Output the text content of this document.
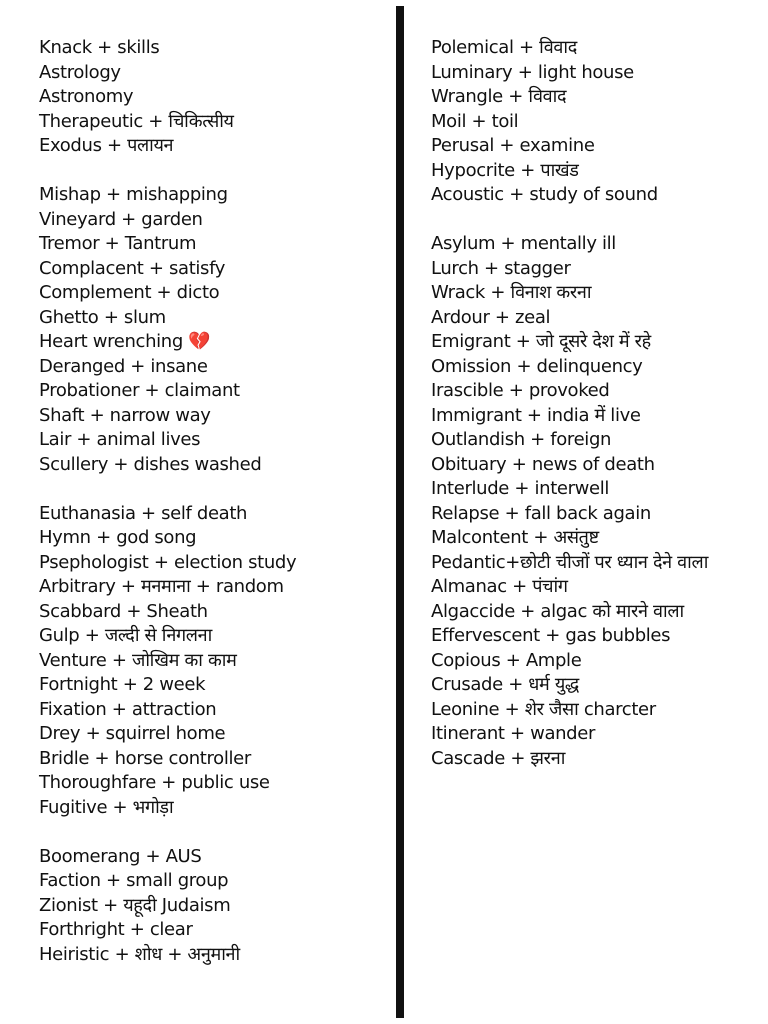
Knack + skills
Astrology
Astronomy
Therapeutic + चिकित्सीय
Exodus + पलायन
Mishap + mishapping
Vineyard + garden
Tremor + Tantrum
Complacent + satisfy
Complement + dicto
Ghetto + slum
Heart wrenching 💔
Deranged + insane
Probationer + claimant
Shaft + narrow way
Lair + animal lives
Scullery + dishes washed
Euthanasia + self death
Hymn + god song
Psephologist + election study
Arbitrary + मनमाना + random
Scabbard + Sheath
Gulp + जल्दी से निगलना
Venture + जोखिम का काम
Fortnight + 2 week
Fixation + attraction
Drey + squirrel home
Bridle + horse controller
Thoroughfare + public use
Fugitive + भगोड़ा
Boomerang + AUS
Faction + small group
Zionist + यहूदी Judaism
Forthright + clear
Heiristic + शोध + अनुमानी
Polemical + विवाद
Luminary + light house
Wrangle + विवाद
Moil + toil
Perusal + examine
Hypocrite + पाखंड
Acoustic + study of sound
Asylum + mentally ill
Lurch + stagger
Wrack + विनाश करना
Ardour + zeal
Emigrant + जो दूसरे देश में रहे
Omission + delinquency
Irascible + provoked
Immigrant + india में live
Outlandish + foreign
Obituary + news of death
Interlude + interwell
Relapse + fall back again
Malcontent + असंतुष्ट
Pedantic+छोटी चीजों पर ध्यान देने वाला
Almanac + पंचांग
Algaccide + algac को मारने वाला
Effervescent + gas bubbles
Copious + Ample
Crusade + धर्म युद्ध
Leonine + शेर जैसा charcter
Itinerant + wander
Cascade + झरना
